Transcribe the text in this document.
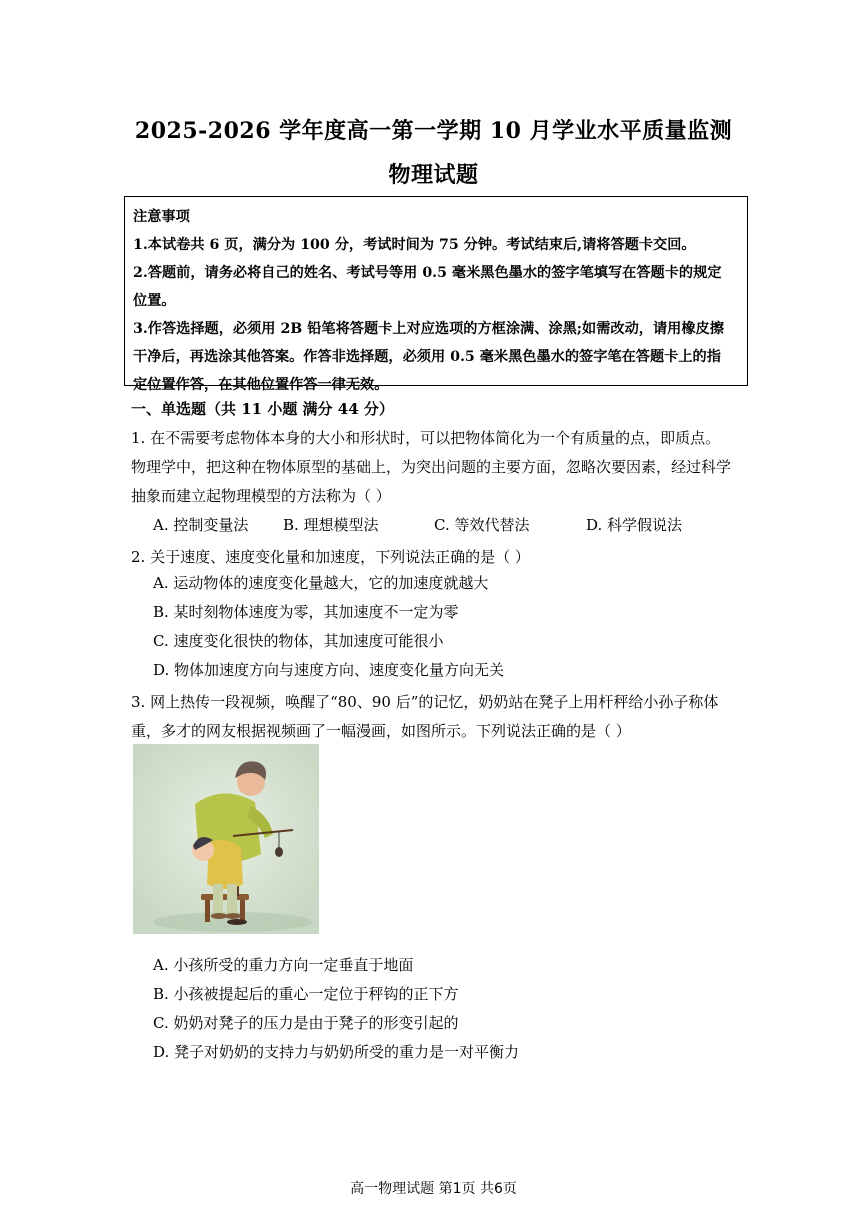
2025-2026 学年度高一第一学期 10 月学业水平质量监测
物理试题

注意事项

1.本试卷共 6 页，满分为 100 分，考试时间为 75 分钟。考试结束后,请将答题卡交回。

2.答题前，请务必将自己的姓名、考试号等用 0.5 毫米黑色墨水的签字笔填写在答题卡的规定

位置。

3.作答选择题，必须用 2B 铅笔将答题卡上对应选项的方框涂满、涂黑;如需改动，请用橡皮擦

干净后，再选涂其他答案。作答非选择题，必须用 0.5 毫米黑色墨水的签字笔在答题卡上的指

定位置作答，在其他位置作答一律无效。

一、单选题（共 11 小题 满分 44 分）

1. 在不需要考虑物体本身的大小和形状时，可以把物体简化为一个有质量的点，即质点。

物理学中，把这种在物体原型的基础上，为突出问题的主要方面，忽略次要因素，经过科学

抽象而建立起物理模型的方法称为（ ）

A. 控制变量法 B. 理想模型法	C. 等效代替法	D. 科学假说法
2. 关于速度、速度变化量和加速度，下列说法正确的是（ ）
A. 运动物体的速度变化量越大，它的加速度就越大
B. 某时刻物体速度为零，其加速度不一定为零
C. 速度变化很快的物体，其加速度可能很小
D. 物体加速度方向与速度方向、速度变化量方向无关

3. 网上热传一段视频，唤醒了“80、90 后”的记忆，奶奶站在凳子上用杆秤给小孙子称体

重，多才的网友根据视频画了一幅漫画，如图所示。下列说法正确的是（ ）

A. 小孩所受的重力方向一定垂直于地面
B. 小孩被提起后的重心一定位于秤钩的正下方
C. 奶奶对凳子的压力是由于凳子的形变引起的
D. 凳子对奶奶的支持力与奶奶所受的重力是一对平衡力
高一物理试题 第1页 共6页
